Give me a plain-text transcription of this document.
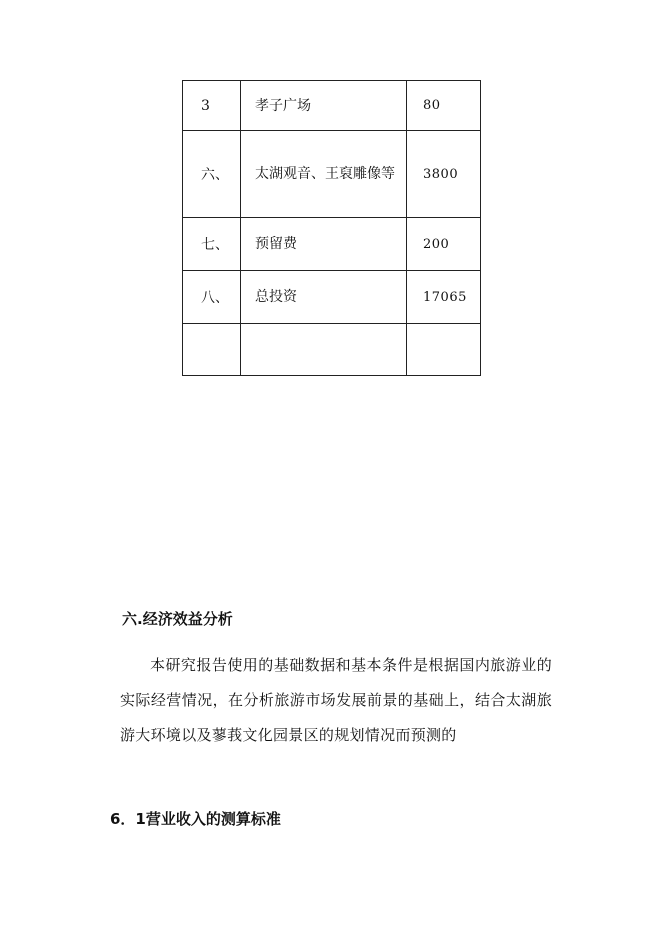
3	孝子广场	80
六、	太湖观音、王裒雕像等	3800
七、	预留费	200
八、	总投资	17065

六.经济效益分析
本研究报告使用的基础数据和基本条件是根据国内旅游业的实际经营情况，在分析旅游市场发展前景的基础上，结合太湖旅游大环境以及蓼莪文化园景区的规划情况而预测的
6．1营业收入的测算标准
